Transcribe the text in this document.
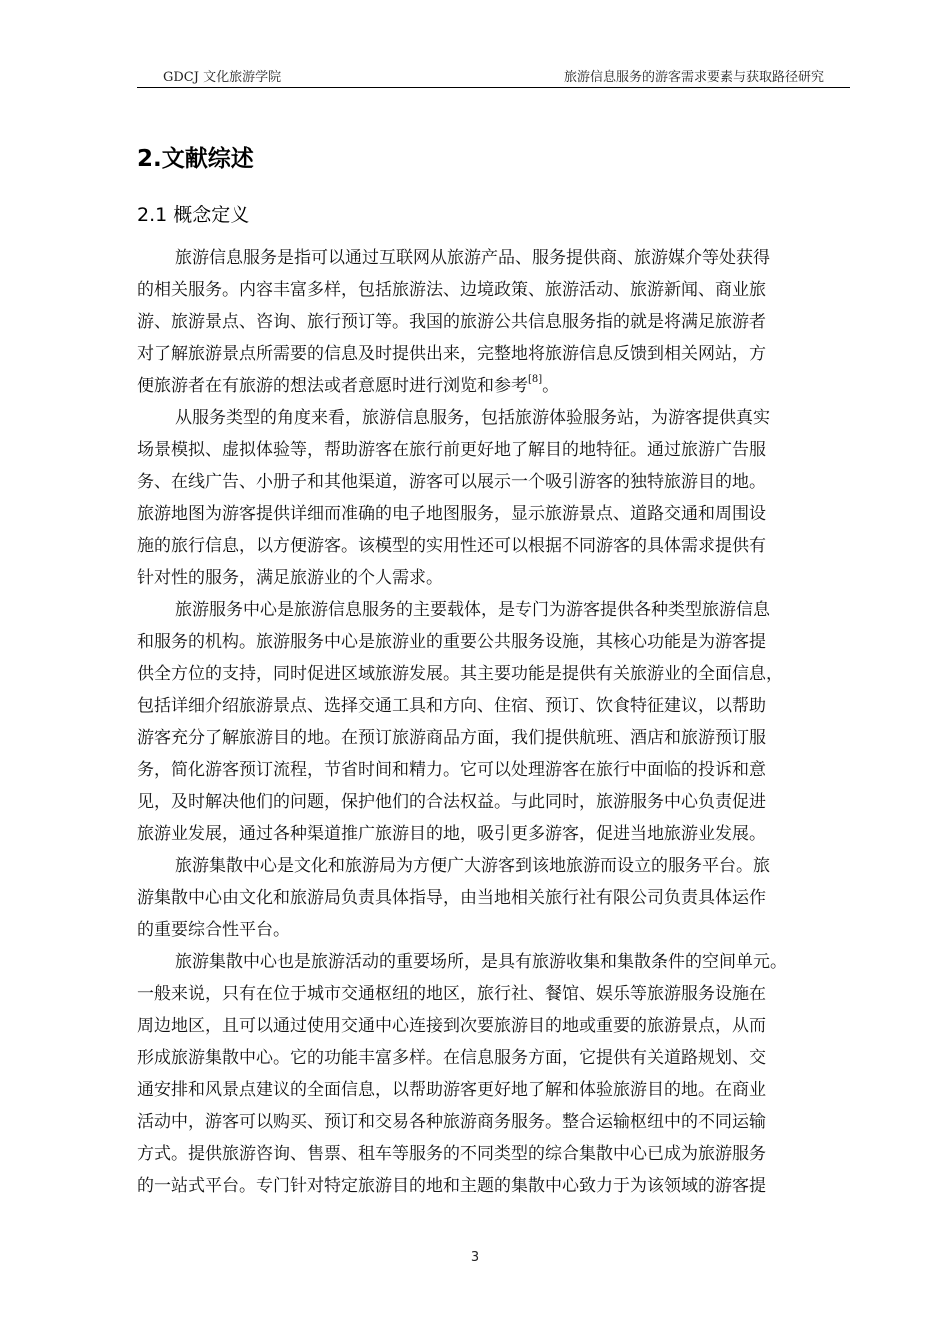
GDCJ 文化旅游学院	旅游信息服务的游客需求要素与获取路径研究
2.文献综述
2.1 概念定义
旅游信息服务是指可以通过互联网从旅游产品、服务提供商、旅游媒介等处获得
的相关服务。内容丰富多样，包括旅游法、边境政策、旅游活动、旅游新闻、商业旅
游、旅游景点、咨询、旅行预订等。我国的旅游公共信息服务指的就是将满足旅游者
对了解旅游景点所需要的信息及时提供出来，完整地将旅游信息反馈到相关网站，方
便旅游者在有旅游的想法或者意愿时进行浏览和参考[8]。
从服务类型的角度来看，旅游信息服务，包括旅游体验服务站，为游客提供真实
场景模拟、虚拟体验等，帮助游客在旅行前更好地了解目的地特征。通过旅游广告服
务、在线广告、小册子和其他渠道，游客可以展示一个吸引游客的独特旅游目的地。
旅游地图为游客提供详细而准确的电子地图服务，显示旅游景点、道路交通和周围设
施的旅行信息，以方便游客。该模型的实用性还可以根据不同游客的具体需求提供有
针对性的服务，满足旅游业的个人需求。
旅游服务中心是旅游信息服务的主要载体，是专门为游客提供各种类型旅游信息
和服务的机构。旅游服务中心是旅游业的重要公共服务设施，其核心功能是为游客提
供全方位的支持，同时促进区域旅游发展。其主要功能是提供有关旅游业的全面信息，
包括详细介绍旅游景点、选择交通工具和方向、住宿、预订、饮食特征建议，以帮助
游客充分了解旅游目的地。在预订旅游商品方面，我们提供航班、酒店和旅游预订服
务，简化游客预订流程，节省时间和精力。它可以处理游客在旅行中面临的投诉和意
见，及时解决他们的问题，保护他们的合法权益。与此同时，旅游服务中心负责促进
旅游业发展，通过各种渠道推广旅游目的地，吸引更多游客，促进当地旅游业发展。
旅游集散中心是文化和旅游局为方便广大游客到该地旅游而设立的服务平台。旅
游集散中心由文化和旅游局负责具体指导，由当地相关旅行社有限公司负责具体运作
的重要综合性平台。
旅游集散中心也是旅游活动的重要场所，是具有旅游收集和集散条件的空间单元。
一般来说，只有在位于城市交通枢纽的地区，旅行社、餐馆、娱乐等旅游服务设施在
周边地区，且可以通过使用交通中心连接到次要旅游目的地或重要的旅游景点，从而
形成旅游集散中心。它的功能丰富多样。在信息服务方面，它提供有关道路规划、交
通安排和风景点建议的全面信息，以帮助游客更好地了解和体验旅游目的地。在商业
活动中，游客可以购买、预订和交易各种旅游商务服务。整合运输枢纽中的不同运输
方式。提供旅游咨询、售票、租车等服务的不同类型的综合集散中心已成为旅游服务
的一站式平台。专门针对特定旅游目的地和主题的集散中心致力于为该领域的游客提
3
